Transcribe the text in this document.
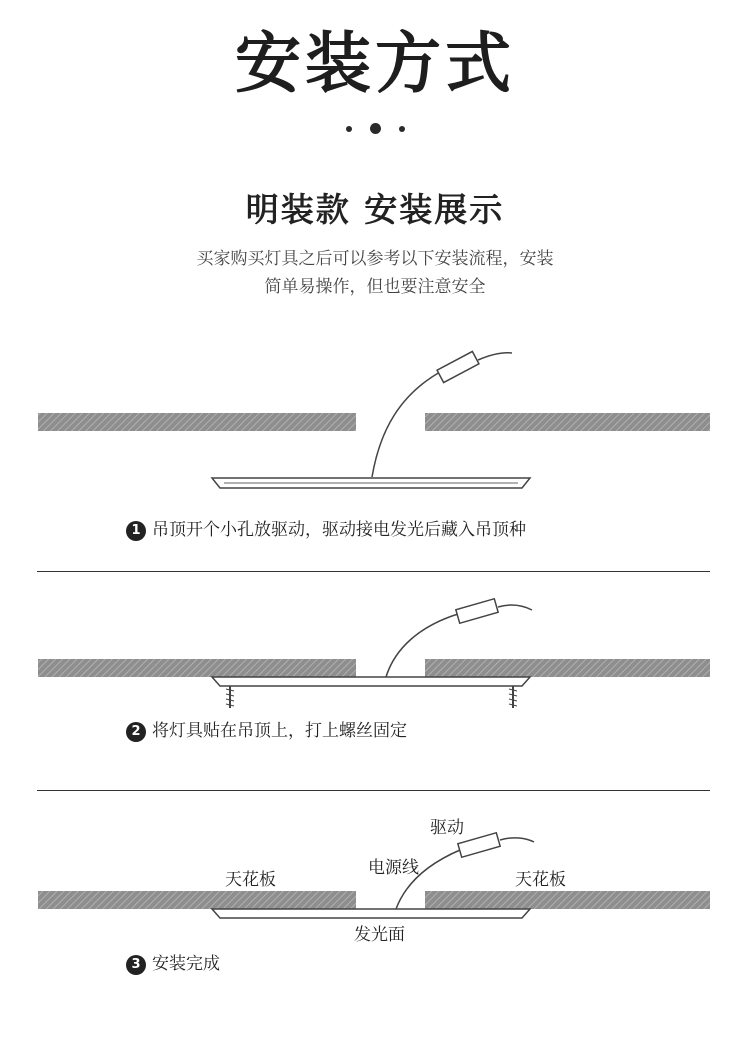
安装方式
明装款 安装展示
买家购买灯具之后可以参考以下安装流程，安装
简单易操作，但也要注意安全
1 吊顶开个小孔放驱动，驱动接电发光后藏入吊顶种
2 将灯具贴在吊顶上，打上螺丝固定
驱动
电源线
天花板	天花板
发光面
3 安装完成
